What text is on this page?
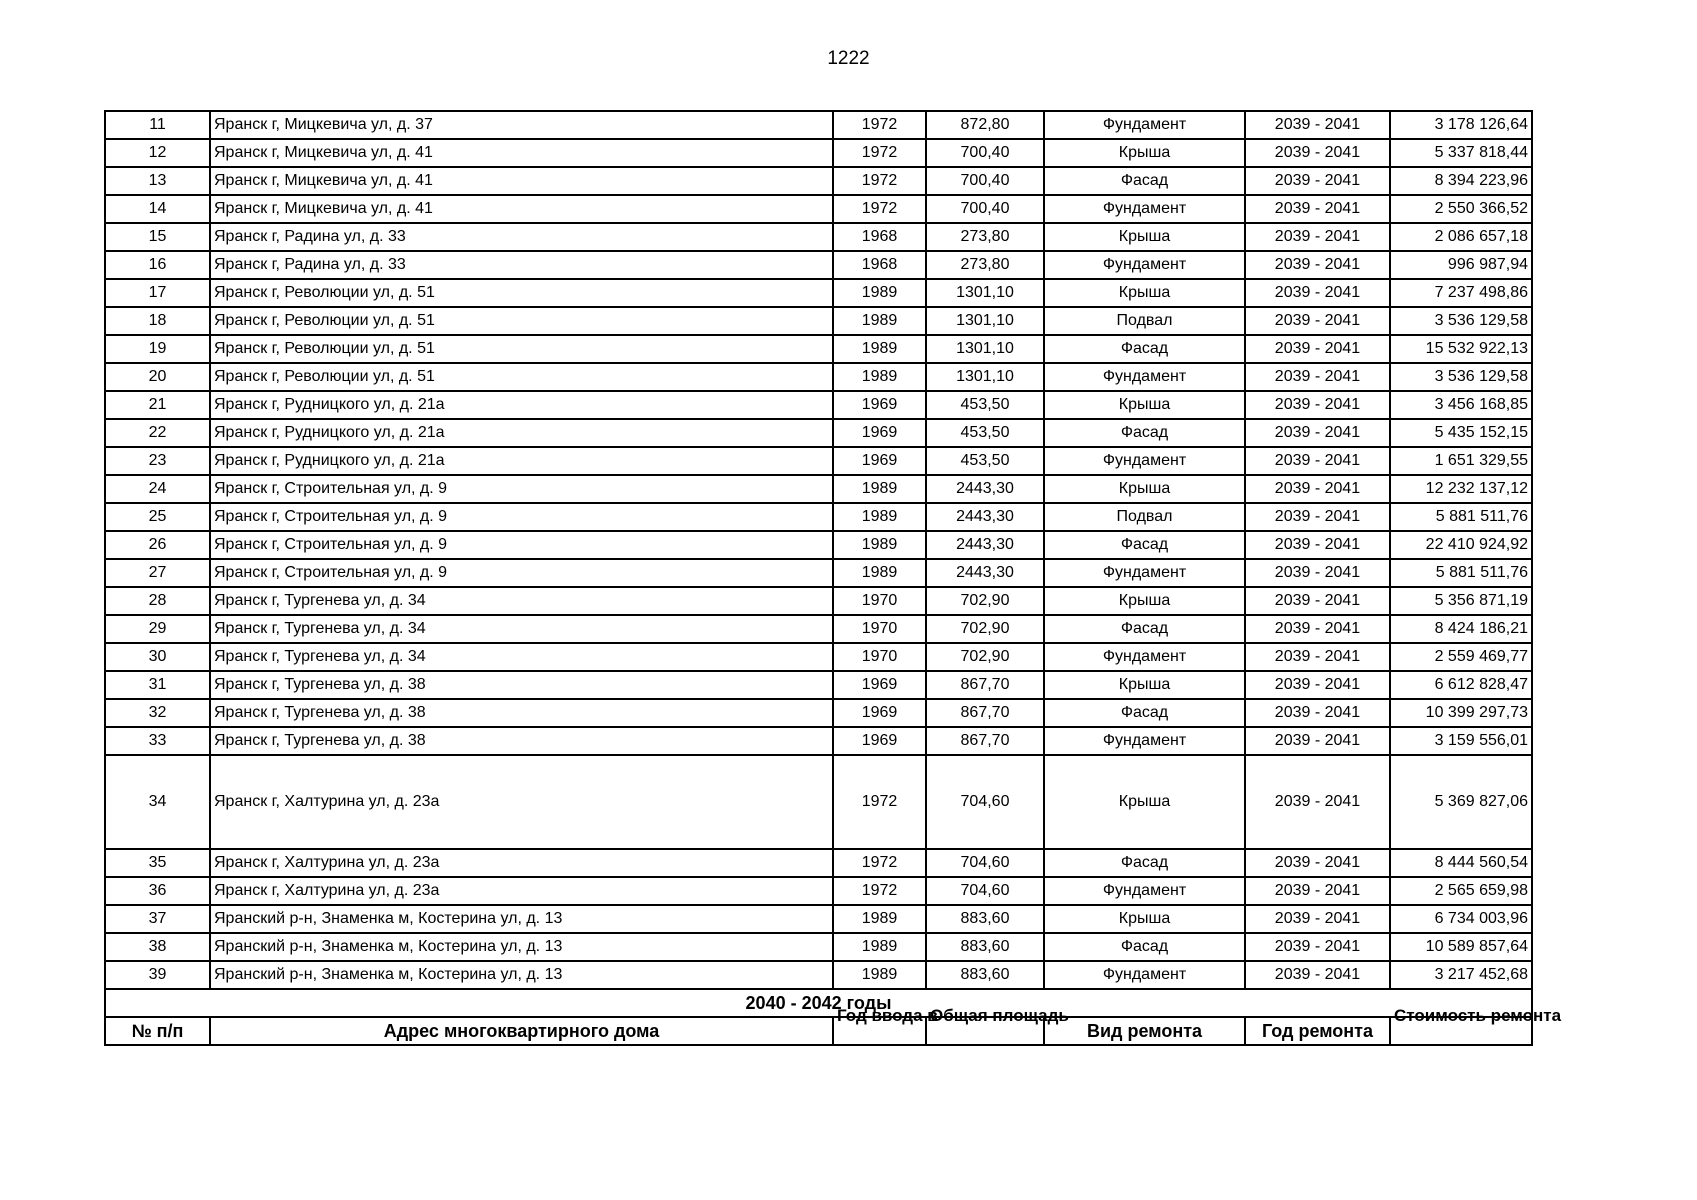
1222
11	Яранск г, Мицкевича ул, д. 37	1972	872,80	Фундамент	2039 - 2041	3 178 126,64
12	Яранск г, Мицкевича ул, д. 41	1972	700,40	Крыша	2039 - 2041	5 337 818,44
13	Яранск г, Мицкевича ул, д. 41	1972	700,40	Фасад	2039 - 2041	8 394 223,96
14	Яранск г, Мицкевича ул, д. 41	1972	700,40	Фундамент	2039 - 2041	2 550 366,52
15	Яранск г, Радина ул, д. 33	1968	273,80	Крыша	2039 - 2041	2 086 657,18
16	Яранск г, Радина ул, д. 33	1968	273,80	Фундамент	2039 - 2041	996 987,94
17	Яранск г, Революции ул, д. 51	1989	1301,10	Крыша	2039 - 2041	7 237 498,86
18	Яранск г, Революции ул, д. 51	1989	1301,10	Подвал	2039 - 2041	3 536 129,58
19	Яранск г, Революции ул, д. 51	1989	1301,10	Фасад	2039 - 2041	15 532 922,13
20	Яранск г, Революции ул, д. 51	1989	1301,10	Фундамент	2039 - 2041	3 536 129,58
21	Яранск г, Рудницкого ул, д. 21а	1969	453,50	Крыша	2039 - 2041	3 456 168,85
22	Яранск г, Рудницкого ул, д. 21а	1969	453,50	Фасад	2039 - 2041	5 435 152,15
23	Яранск г, Рудницкого ул, д. 21а	1969	453,50	Фундамент	2039 - 2041	1 651 329,55
24	Яранск г, Строительная ул, д. 9	1989	2443,30	Крыша	2039 - 2041	12 232 137,12
25	Яранск г, Строительная ул, д. 9	1989	2443,30	Подвал	2039 - 2041	5 881 511,76
26	Яранск г, Строительная ул, д. 9	1989	2443,30	Фасад	2039 - 2041	22 410 924,92
27	Яранск г, Строительная ул, д. 9	1989	2443,30	Фундамент	2039 - 2041	5 881 511,76
28	Яранск г, Тургенева ул, д. 34	1970	702,90	Крыша	2039 - 2041	5 356 871,19
29	Яранск г, Тургенева ул, д. 34	1970	702,90	Фасад	2039 - 2041	8 424 186,21
30	Яранск г, Тургенева ул, д. 34	1970	702,90	Фундамент	2039 - 2041	2 559 469,77
31	Яранск г, Тургенева ул, д. 38	1969	867,70	Крыша	2039 - 2041	6 612 828,47
32	Яранск г, Тургенева ул, д. 38	1969	867,70	Фасад	2039 - 2041	10 399 297,73
33	Яранск г, Тургенева ул, д. 38	1969	867,70	Фундамент	2039 - 2041	3 159 556,01
34	Яранск г, Халтурина ул, д. 23а	1972	704,60	Крыша	2039 - 2041	5 369 827,06
35	Яранск г, Халтурина ул, д. 23а	1972	704,60	Фасад	2039 - 2041	8 444 560,54
36	Яранск г, Халтурина ул, д. 23а	1972	704,60	Фундамент	2039 - 2041	2 565 659,98
37	Яранский р-н, Знаменка м, Костерина ул, д. 13	1989	883,60	Крыша	2039 - 2041	6 734 003,96
38	Яранский р-н, Знаменка м, Костерина ул, д. 13	1989	883,60	Фасад	2039 - 2041	10 589 857,64
39	Яранский р-н, Знаменка м, Костерина ул, д. 13	1989	883,60	Фундамент	2039 - 2041	3 217 452,68
2040 - 2042 годы						
№ п/п	Адрес многоквартирного дома	Год ввода в	Общая площадь	Вид ремонта	Год ремонта	Стоимость ремонта
